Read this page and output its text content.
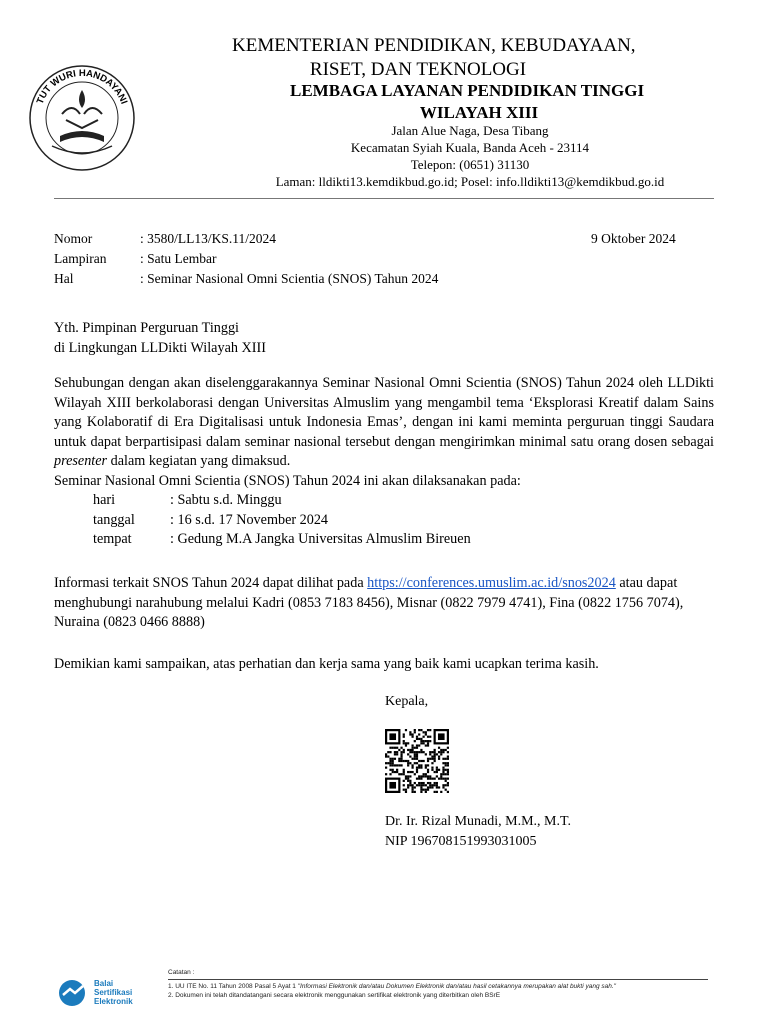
TUT WURI HANDAYANI
KEMENTERIAN PENDIDIKAN, KEBUDAYAAN,
RISET, DAN TEKNOLOGI
LEMBAGA LAYANAN PENDIDIKAN TINGGI
WILAYAH XIII
Jalan Alue Naga, Desa Tibang
Kecamatan Syiah Kuala, Banda Aceh - 23114
Telepon: (0651) 31130
Laman: lldikti13.kemdikbud.go.id; Posel: info.lldikti13@kemdikbud.go.id
Nomor	: 3580/LL13/KS.11/2024
Lampiran	: Satu Lembar
Hal	: Seminar Nasional Omni Scientia (SNOS) Tahun 2024
9 Oktober 2024
Yth. Pimpinan Perguruan Tinggi
di Lingkungan LLDikti Wilayah XIII
Sehubungan dengan akan diselenggarakannya Seminar Nasional Omni Scientia (SNOS) Tahun 2024 oleh LLDikti Wilayah XIII berkolaborasi dengan Universitas Almuslim yang mengambil tema ‘Eksplorasi Kreatif dalam Sains yang Kolaboratif di Era Digitalisasi untuk Indonesia Emas’, dengan ini kami meminta perguruan tinggi Saudara untuk dapat berpartisipasi dalam seminar nasional tersebut dengan mengirimkan minimal satu orang dosen sebagai presenter dalam kegiatan yang dimaksud.
Seminar Nasional Omni Scientia (SNOS) Tahun 2024 ini akan dilaksanakan pada:
hari	: Sabtu s.d. Minggu
tanggal	: 16 s.d. 17 November 2024
tempat	: Gedung M.A Jangka Universitas Almuslim Bireuen
Informasi terkait SNOS Tahun 2024 dapat dilihat pada https://conferences.umuslim.ac.id/snos2024 atau dapat menghubungi narahubung melalui Kadri (0853 7183 8456), Misnar (0822 7979 4741), Fina (0822 1756 7074), Nuraina (0823 0466 8888)
Demikian kami sampaikan, atas perhatian dan kerja sama yang baik kami ucapkan terima kasih.
Kepala,
Dr. Ir. Rizal Munadi, M.M., M.T.
NIP 196708151993031005
Balai
Sertifikasi
Elektronik
Catatan :
1. UU ITE No. 11 Tahun 2008 Pasal 5 Ayat 1 "Informasi Elektronik dan/atau Dokumen Elektronik dan/atau hasil cetakannya merupakan alat bukti yang sah."
2. Dokumen ini telah ditandatangani secara elektronik menggunakan sertifikat elektronik yang diterbitkan oleh BSrE
